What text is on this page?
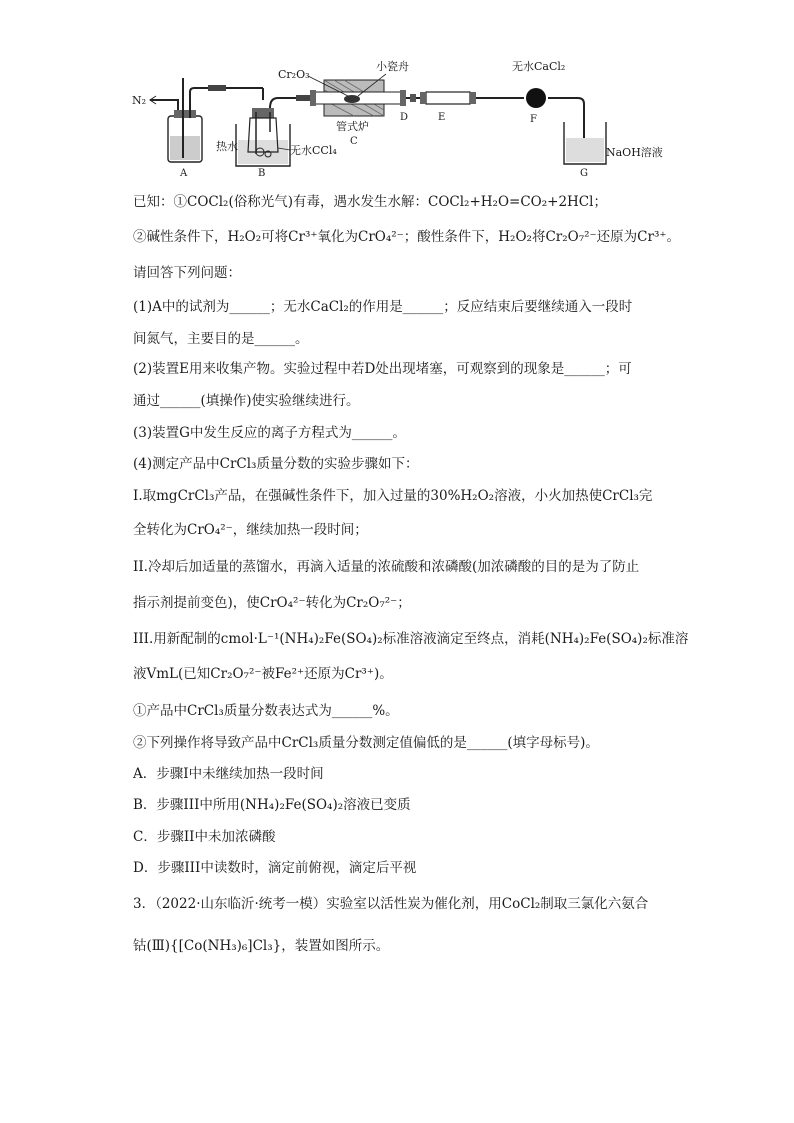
N₂
A
热水	无水CCl₄
B
Cr₂O₃
小瓷舟
管式炉
C
D	E
无水CaCl₂
F
NaOH溶液
G
已知：①COCl₂(俗称光气)有毒，遇水发生水解：COCl₂+H₂O=CO₂+2HCl；
②碱性条件下，H₂O₂可将Cr³⁺氧化为CrO₄²⁻；酸性条件下，H₂O₂将Cr₂O₇²⁻还原为Cr³⁺。
请回答下列问题：
(1)A中的试剂为______；无水CaCl₂的作用是______；反应结束后要继续通入一段时
间氮气，主要目的是______。
(2)装置E用来收集产物。实验过程中若D处出现堵塞，可观察到的现象是______；可
通过______(填操作)使实验继续进行。
(3)装置G中发生反应的离子方程式为______。
(4)测定产品中CrCl₃质量分数的实验步骤如下：
I.取mgCrCl₃产品，在强碱性条件下，加入过量的30%H₂O₂溶液，小火加热使CrCl₃完
全转化为CrO₄²⁻，继续加热一段时间；
II.冷却后加适量的蒸馏水，再滴入适量的浓硫酸和浓磷酸(加浓磷酸的目的是为了防止
指示剂提前变色)，使CrO₄²⁻转化为Cr₂O₇²⁻；
III.用新配制的cmol·L⁻¹(NH₄)₂Fe(SO₄)₂标准溶液滴定至终点，消耗(NH₄)₂Fe(SO₄)₂标准溶
液VmL(已知Cr₂O₇²⁻被Fe²⁺还原为Cr³⁺)。
①产品中CrCl₃质量分数表达式为______%。
②下列操作将导致产品中CrCl₃质量分数测定值偏低的是______(填字母标号)。
A．步骤I中未继续加热一段时间
B．步骤III中所用(NH₄)₂Fe(SO₄)₂溶液已变质
C．步骤II中未加浓磷酸
D．步骤III中读数时，滴定前俯视，滴定后平视
3．（2022·山东临沂·统考一模）实验室以活性炭为催化剂，用CoCl₂制取三氯化六氨合
钴(Ⅲ){[Co(NH₃)₆]Cl₃}，装置如图所示。
